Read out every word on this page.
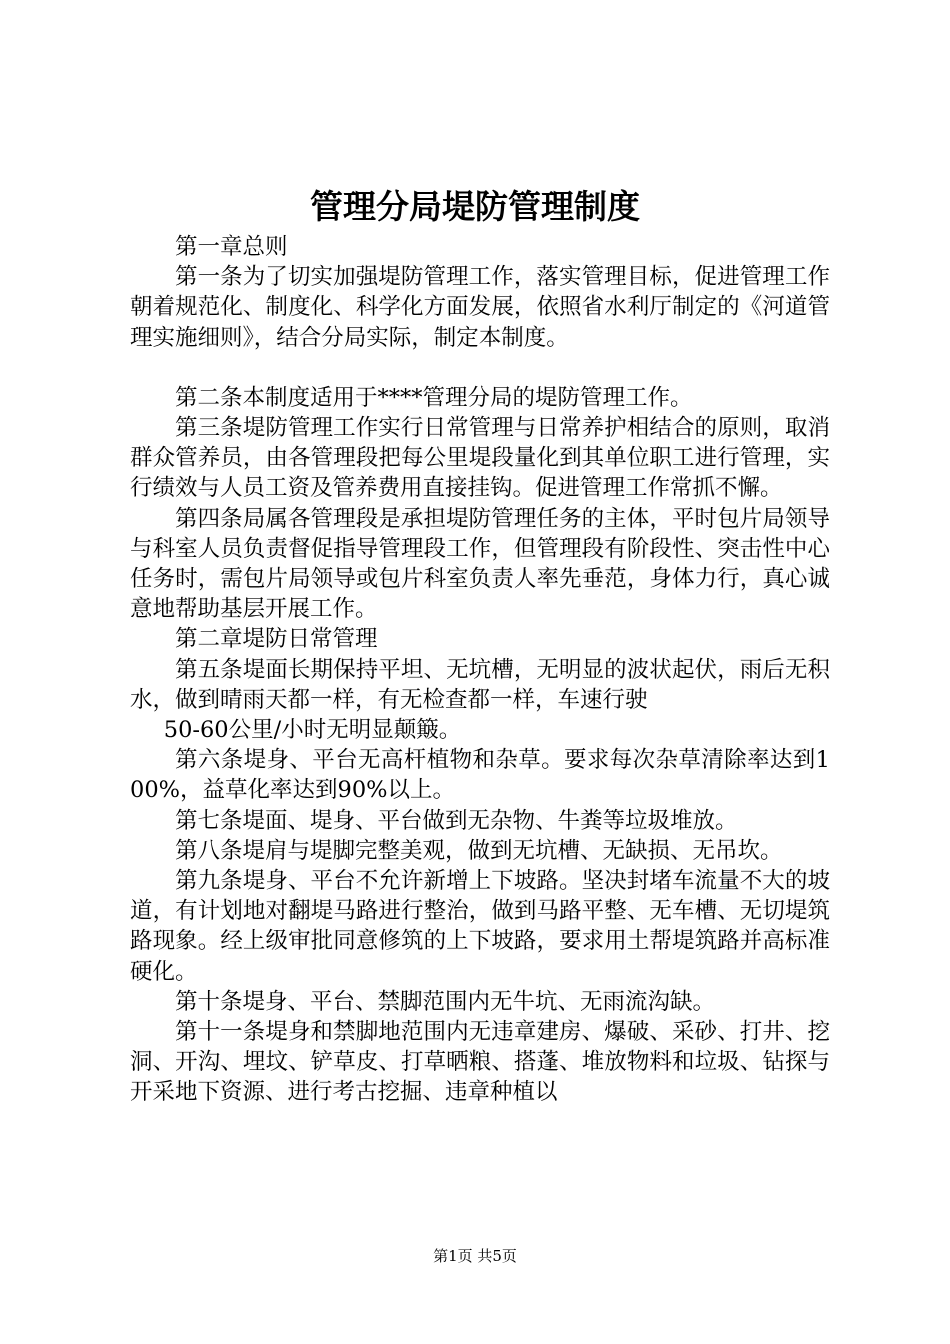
管理分局堤防管理制度

第一章总则

第一条为了切实加强堤防管理工作，落实管理目标，促进管理工作朝着规范化、制度化、科学化方面发展，依照省水利厅制定的《河道管理实施细则》，结合分局实际，制定本制度。

第二条本制度适用于****管理分局的堤防管理工作。

第三条堤防管理工作实行日常管理与日常养护相结合的原则，取消群众管养员，由各管理段把每公里堤段量化到其单位职工进行管理，实行绩效与人员工资及管养费用直接挂钩。促进管理工作常抓不懈。

第四条局属各管理段是承担堤防管理任务的主体，平时包片局领导与科室人员负责督促指导管理段工作，但管理段有阶段性、突击性中心任务时，需包片局领导或包片科室负责人率先垂范，身体力行，真心诚意地帮助基层开展工作。

第二章堤防日常管理

第五条堤面长期保持平坦、无坑槽，无明显的波状起伏，雨后无积水，做到晴雨天都一样，有无检查都一样，车速行驶

50-60公里/小时无明显颠簸。

第六条堤身、平台无高杆植物和杂草。要求每次杂草清除率达到100%，益草化率达到90%以上。

第七条堤面、堤身、平台做到无杂物、牛粪等垃圾堆放。

第八条堤肩与堤脚完整美观，做到无坑槽、无缺损、无吊坎。

第九条堤身、平台不允许新增上下坡路。坚决封堵车流量不大的坡道，有计划地对翻堤马路进行整治，做到马路平整、无车槽、无切堤筑路现象。经上级审批同意修筑的上下坡路，要求用土帮堤筑路并高标准硬化。

第十条堤身、平台、禁脚范围内无牛坑、无雨流沟缺。

第十一条堤身和禁脚地范围内无违章建房、爆破、采砂、打井、挖洞、开沟、埋坟、铲草皮、打草晒粮、搭蓬、堆放物料和垃圾、钻探与开采地下资源、进行考古挖掘、违章种植以

第1页 共5页
